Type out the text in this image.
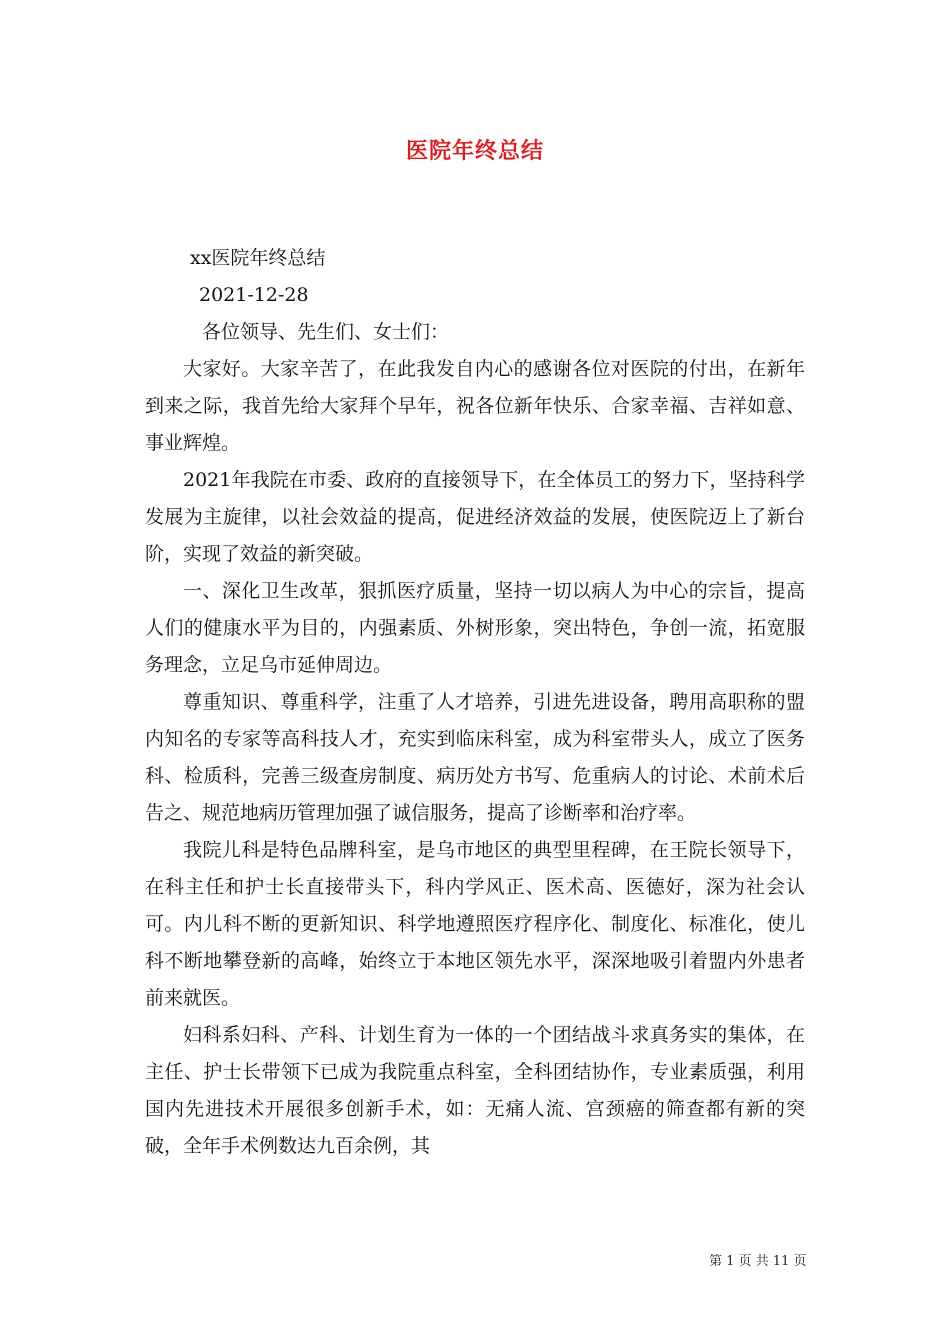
医院年终总结

xx医院年终总结

2021-12-28

各位领导、先生们、女士们：

大家好。大家辛苦了，在此我发自内心的感谢各位对医院的付出，在新年到来之际，我首先给大家拜个早年，祝各位新年快乐、合家幸福、吉祥如意、事业辉煌。

2021年我院在市委、政府的直接领导下，在全体员工的努力下，坚持科学发展为主旋律，以社会效益的提高，促进经济效益的发展，使医院迈上了新台阶，实现了效益的新突破。

一、深化卫生改革，狠抓医疗质量，坚持一切以病人为中心的宗旨，提高人们的健康水平为目的，内强素质、外树形象，突出特色，争创一流，拓宽服务理念，立足乌市延伸周边。

尊重知识、尊重科学，注重了人才培养，引进先进设备，聘用高职称的盟内知名的专家等高科技人才，充实到临床科室，成为科室带头人，成立了医务科、检质科，完善三级查房制度、病历处方书写、危重病人的讨论、术前术后告之、规范地病历管理加强了诚信服务，提高了诊断率和治疗率。

我院儿科是特色品牌科室，是乌市地区的典型里程碑，在王院长领导下，在科主任和护士长直接带头下，科内学风正、医术高、医德好，深为社会认可。内儿科不断的更新知识、科学地遵照医疗程序化、制度化、标准化，使儿科不断地攀登新的高峰，始终立于本地区领先水平，深深地吸引着盟内外患者前来就医。

妇科系妇科、产科、计划生育为一体的一个团结战斗求真务实的集体，在主任、护士长带领下已成为我院重点科室，全科团结协作，专业素质强，利用国内先进技术开展很多创新手术，如：无痛人流、宫颈癌的筛查都有新的突破，全年手术例数达九百余例，其

第 1 页 共 11 页
